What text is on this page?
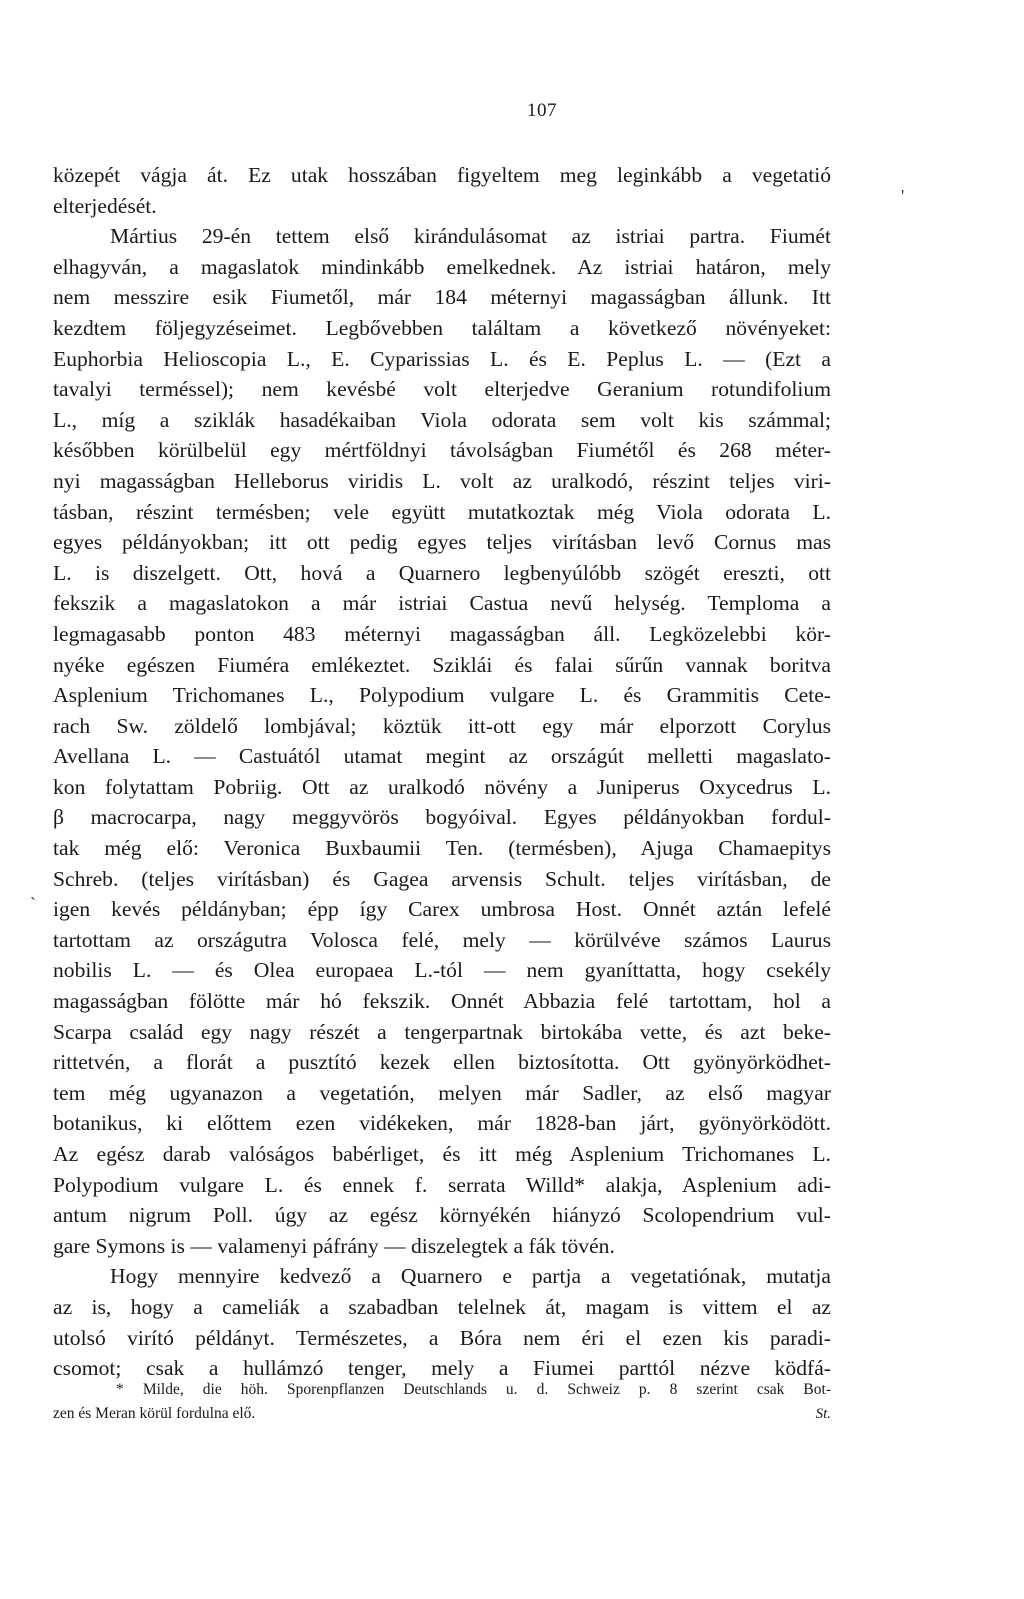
107
'
ˏ
közepét vágja át. Ez utak hosszában figyeltem meg leginkább a vegetatió
elterjedését.
Mártius 29-én tettem első kirándulásomat az istriai partra. Fiumét
elhagyván, a magaslatok mindinkább emelkednek. Az istriai határon, mely
nem messzire esik Fiumetől, már 184 méternyi magasságban állunk. Itt
kezdtem följegyzéseimet. Legbővebben találtam a következő növényeket:
Euphorbia Helioscopia L., E. Cyparissias L. és E. Peplus L. — (Ezt a
tavalyi terméssel); nem kevésbé volt elterjedve Geranium rotundifolium
L., míg a sziklák hasadékaiban Viola odorata sem volt kis számmal;
későbben körülbelül egy mértföldnyi távolságban Fiumétől és 268 méter-
nyi magasságban Helleborus viridis L. volt az uralkodó, részint teljes viri-
tásban, részint termésben; vele együtt mutatkoztak még Viola odorata L.
egyes példányokban; itt ott pedig egyes teljes virításban levő Cornus mas
L. is diszelgett. Ott, hová a Quarnero legbenyúlóbb szögét ereszti, ott
fekszik a magaslatokon a már istriai Castua nevű helység. Temploma a
legmagasabb ponton 483 méternyi magasságban áll. Legközelebbi kör-
nyéke egészen Fiuméra emlékeztet. Sziklái és falai sűrűn vannak boritva
Asplenium Trichomanes L., Polypodium vulgare L. és Grammitis Cete-
rach Sw. zöldelő lombjával; köztük itt-ott egy már elporzott Corylus
Avellana L. — Castuától utamat megint az országút melletti magaslato-
kon folytattam Pobriig. Ott az uralkodó növény a Juniperus Oxycedrus L.
β macrocarpa, nagy meggyvörös bogyóival. Egyes példányokban fordul-
tak még elő: Veronica Buxbaumii Ten. (termésben), Ajuga Chamaepitys
Schreb. (teljes virításban) és Gagea arvensis Schult. teljes virításban, de
igen kevés példányban; épp így Carex umbrosa Host. Onnét aztán lefelé
tartottam az országutra Volosca felé, mely — körülvéve számos Laurus
nobilis L. — és Olea europaea L.-tól — nem gyaníttatta, hogy csekély
magasságban fölötte már hó fekszik. Onnét Abbazia felé tartottam, hol a
Scarpa család egy nagy részét a tengerpartnak birtokába vette, és azt beke-
rittetvén, a florát a pusztító kezek ellen biztosította. Ott gyönyörködhet-
tem még ugyanazon a vegetatión, melyen már Sadler, az első magyar
botanikus, ki előttem ezen vidékeken, már 1828-ban járt, gyönyörködött.
Az egész darab valóságos babérliget, és itt még Asplenium Trichomanes L.
Polypodium vulgare L. és ennek f. serrata Willd* alakja, Asplenium adi-
antum nigrum Poll. úgy az egész környékén hiányzó Scolopendrium vul-
gare Symons is — valamenyi páfrány — diszelegtek a fák tövén.
Hogy mennyire kedvező a Quarnero e partja a vegetatiónak, mutatja
az is, hogy a cameliák a szabadban telelnek át, magam is vittem el az
utolsó virító példányt. Természetes, a Bóra nem éri el ezen kis paradi-
csomot; csak a hullámzó tenger, mely a Fiumei parttól nézve ködfá-
* Milde, die höh. Sporenpflanzen Deutschlands u. d. Schweiz p. 8 szerint csak Bot-
zen és Meran körül fordulna elő.	St.
